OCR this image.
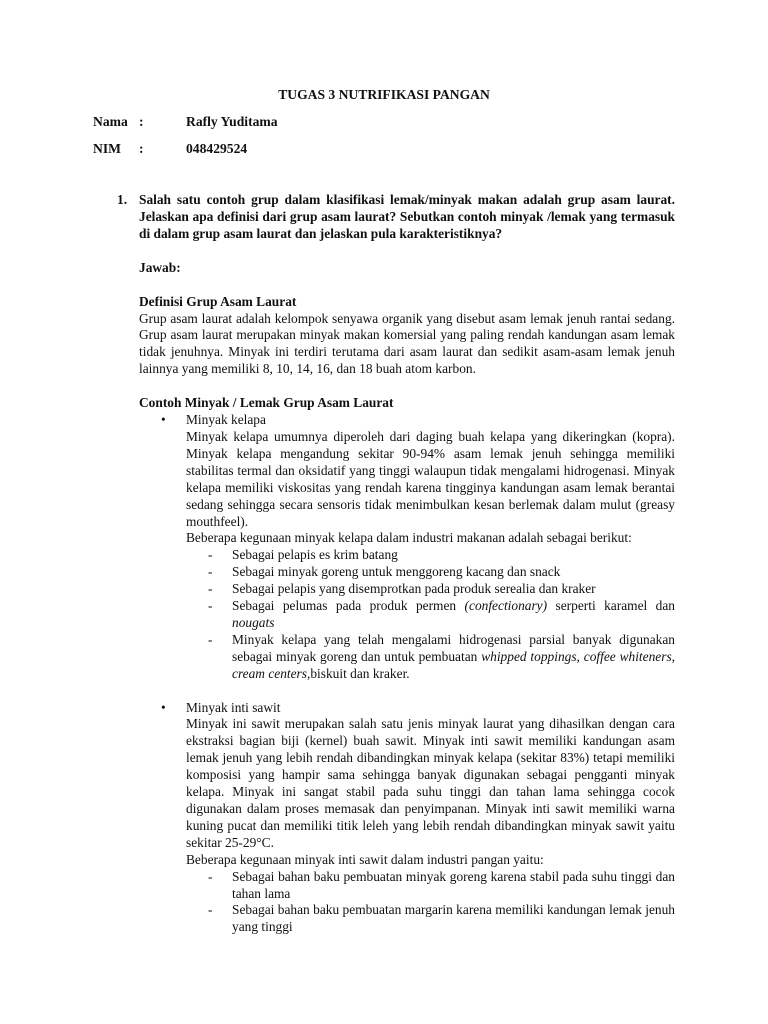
TUGAS 3 NUTRIFIKASI PANGAN
Nama :	Rafly Yuditama
NIM :	048429524
1. Salah satu contoh grup dalam klasifikasi lemak/minyak makan adalah grup asam laurat. Jelaskan apa definisi dari grup asam laurat? Sebutkan contoh minyak /lemak yang termasuk di dalam grup asam laurat dan jelaskan pula karakteristiknya?

Jawab:

Definisi Grup Asam Laurat

Grup asam laurat adalah kelompok senyawa organik yang disebut asam lemak jenuh rantai sedang. Grup asam laurat merupakan minyak makan komersial yang paling rendah kandungan asam lemak tidak jenuhnya. Minyak ini terdiri terutama dari asam laurat dan sedikit asam-asam lemak jenuh lainnya yang memiliki 8, 10, 14, 16, dan 18 buah atom karbon.

Contoh Minyak / Lemak Grup Asam Laurat

• Minyak kelapa

Minyak kelapa umumnya diperoleh dari daging buah kelapa yang dikeringkan (kopra). Minyak kelapa mengandung sekitar 90-94% asam lemak jenuh sehingga memiliki stabilitas termal dan oksidatif yang tinggi walaupun tidak mengalami hidrogenasi. Minyak kelapa memiliki viskositas yang rendah karena tingginya kandungan asam lemak berantai sedang sehingga secara sensoris tidak menimbulkan kesan berlemak dalam mulut (greasy mouthfeel).

Beberapa kegunaan minyak kelapa dalam industri makanan adalah sebagai berikut:

- Sebagai pelapis es krim batang
- Sebagai minyak goreng untuk menggoreng kacang dan snack
- Sebagai pelapis yang disemprotkan pada produk serealia dan kraker
- Sebagai pelumas pada produk permen (confectionary) serperti karamel dan nougats
- Minyak kelapa yang telah mengalami hidrogenasi parsial banyak digunakan sebagai minyak goreng dan untuk pembuatan whipped toppings, coffee whiteners, cream centers,biskuit dan kraker.
• Minyak inti sawit

Minyak ini sawit merupakan salah satu jenis minyak laurat yang dihasilkan dengan cara ekstraksi bagian biji (kernel) buah sawit. Minyak inti sawit memiliki kandungan asam lemak jenuh yang lebih rendah dibandingkan minyak kelapa (sekitar 83%) tetapi memiliki komposisi yang hampir sama sehingga banyak digunakan sebagai pengganti minyak kelapa. Minyak ini sangat stabil pada suhu tinggi dan tahan lama sehingga cocok digunakan dalam proses memasak dan penyimpanan. Minyak inti sawit memiliki warna kuning pucat dan memiliki titik leleh yang lebih rendah dibandingkan minyak sawit yaitu sekitar 25-29°C.

Beberapa kegunaan minyak inti sawit dalam industri pangan yaitu:

- Sebagai bahan baku pembuatan minyak goreng karena stabil pada suhu tinggi dan tahan lama
- Sebagai bahan baku pembuatan margarin karena memiliki kandungan lemak jenuh yang tinggi
